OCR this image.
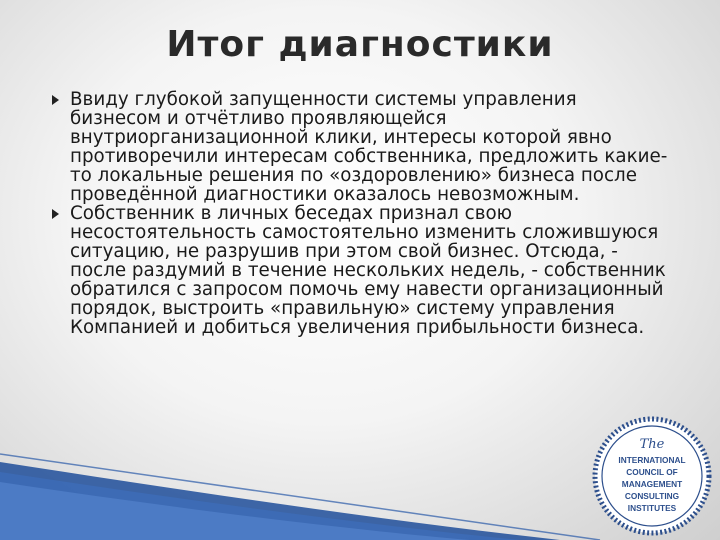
Итог диагностики
Ввиду глубокой запущенности системы управления бизнесом и отчётливо проявляющейся внутриорганизационной клики, интересы которой явно противоречили интересам собственника, предложить какие-то локальные решения по «оздоровлению» бизнеса после проведённой диагностики оказалось невозможным.
Собственник в личных беседах признал свою несостоятельность самостоятельно изменить сложившуюся ситуацию, не разрушив при этом свой бизнес. Отсюда, - после раздумий в течение нескольких недель, - собственник обратился с запросом помочь ему навести организационный порядок, выстроить «правильную» систему управления Компанией и добиться увеличения прибыльности бизнеса.
The
INTERNATIONAL
COUNCIL OF
MANAGEMENT
CONSULTING
INSTITUTES
